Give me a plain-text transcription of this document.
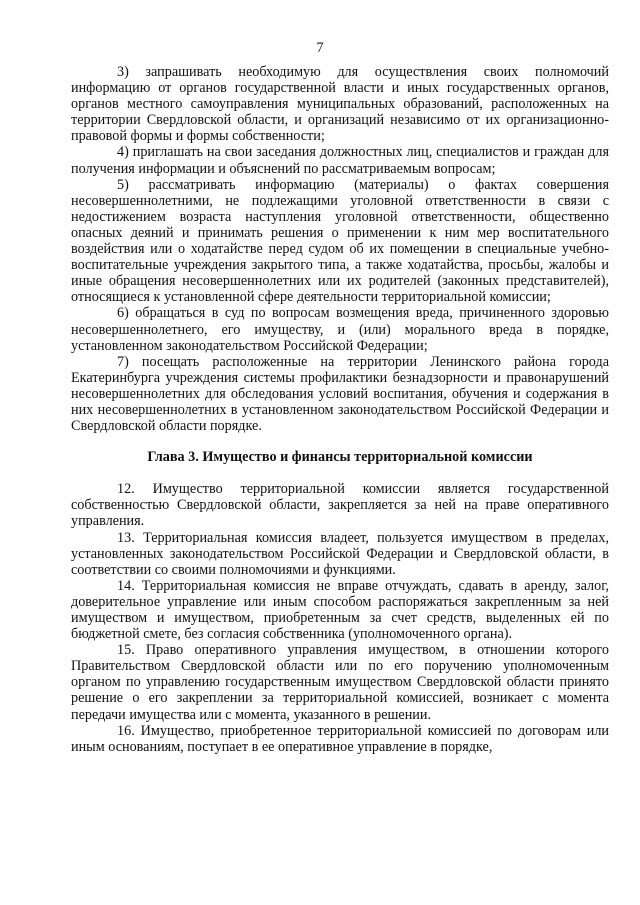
7

3) запрашивать необходимую для осуществления своих полномочий информацию от органов государственной власти и иных государственных органов, органов местного самоуправления муниципальных образований, расположенных на территории Свердловской области, и организаций независимо от их организационно-правовой формы и формы собственности;

4) приглашать на свои заседания должностных лиц, специалистов и граждан для получения информации и объяснений по рассматриваемым вопросам;

5) рассматривать информацию (материалы) о фактах совершения несовершеннолетними, не подлежащими уголовной ответственности в связи с недостижением возраста наступления уголовной ответственности, общественно опасных деяний и принимать решения о применении к ним мер воспитательного воздействия или о ходатайстве перед судом об их помещении в специальные учебно-воспитательные учреждения закрытого типа, а также ходатайства, просьбы, жалобы и иные обращения несовершеннолетних или их родителей (законных представителей), относящиеся к установленной сфере деятельности территориальной комиссии;

6) обращаться в суд по вопросам возмещения вреда, причиненного здоровью несовершеннолетнего, его имуществу, и (или) морального вреда в порядке, установленном законодательством Российской Федерации;

7) посещать расположенные на территории Ленинского района города Екатеринбурга учреждения системы профилактики безнадзорности и правонарушений несовершеннолетних для обследования условий воспитания, обучения и содержания в них несовершеннолетних в установленном законодательством Российской Федерации и Свердловской области порядке.

Глава 3. Имущество и финансы территориальной комиссии

12. Имущество территориальной комиссии является государственной собственностью Свердловской области, закрепляется за ней на праве оперативного управления.

13. Территориальная комиссия владеет, пользуется имуществом в пределах, установленных законодательством Российской Федерации и Свердловской области, в соответствии со своими полномочиями и функциями.

14. Территориальная комиссия не вправе отчуждать, сдавать в аренду, залог, доверительное управление или иным способом распоряжаться закрепленным за ней имуществом и имуществом, приобретенным за счет средств, выделенных ей по бюджетной смете, без согласия собственника (уполномоченного органа).

15. Право оперативного управления имуществом, в отношении которого Правительством Свердловской области или по его поручению уполномоченным органом по управлению государственным имуществом Свердловской области принято решение о его закреплении за территориальной комиссией, возникает с момента передачи имущества или с момента, указанного в решении.

16. Имущество, приобретенное территориальной комиссией по договорам или иным основаниям, поступает в ее оперативное управление в порядке,
